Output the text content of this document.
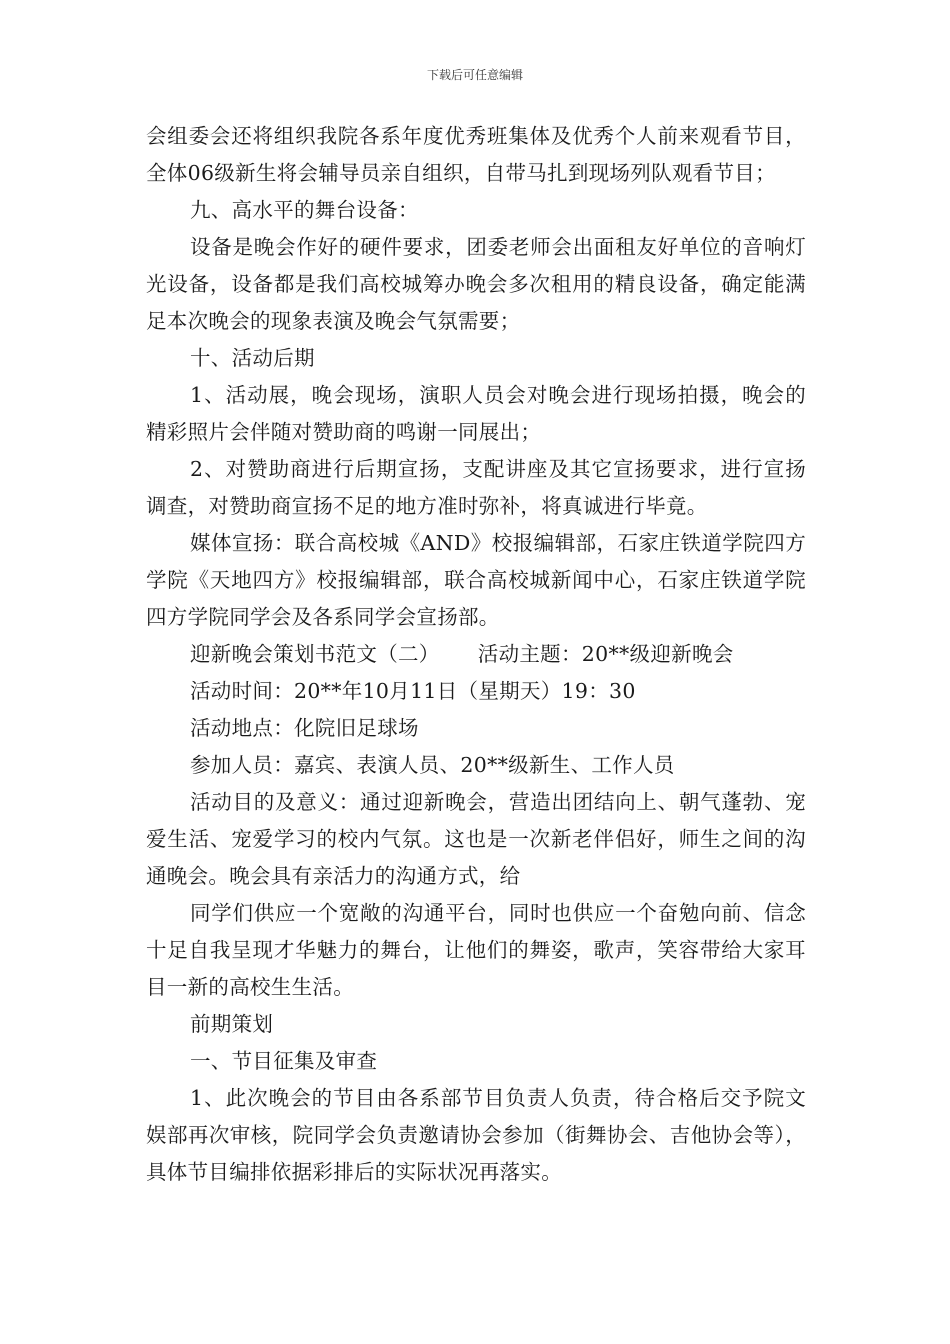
下载后可任意编辑

会组委会还将组织我院各系年度优秀班集体及优秀个人前来观看节目，全体06级新生将会辅导员亲自组织，自带马扎到现场列队观看节目；

九、高水平的舞台设备：

设备是晚会作好的硬件要求，团委老师会出面租友好单位的音响灯光设备，设备都是我们高校城筹办晚会多次租用的精良设备，确定能满足本次晚会的现象表演及晚会气氛需要；

十、活动后期

1、活动展，晚会现场，演职人员会对晚会进行现场拍摄，晚会的精彩照片会伴随对赞助商的鸣谢一同展出；

2、对赞助商进行后期宣扬，支配讲座及其它宣扬要求，进行宣扬调查，对赞助商宣扬不足的地方准时弥补，将真诚进行毕竟。

媒体宣扬：联合高校城《AND》校报编辑部，石家庄铁道学院四方学院《天地四方》校报编辑部，联合高校城新闻中心，石家庄铁道学院四方学院同学会及各系同学会宣扬部。

迎新晚会策划书范文（二）　　 活动主题：20**级迎新晚会

活动时间：20**年10月11日（星期天）19：30

活动地点：化院旧足球场

参加人员：嘉宾、表演人员、20**级新生、工作人员

活动目的及意义：通过迎新晚会，营造出团结向上、朝气蓬勃、宠爱生活、宠爱学习的校内气氛。这也是一次新老伴侣好，师生之间的沟通晚会。晚会具有亲活力的沟通方式，给

同学们供应一个宽敞的沟通平台，同时也供应一个奋勉向前、信念十足自我呈现才华魅力的舞台，让他们的舞姿，歌声，笑容带给大家耳目一新的高校生生活。

前期策划

一、节目征集及审查

1、此次晚会的节目由各系部节目负责人负责，待合格后交予院文娱部再次审核，院同学会负责邀请协会参加（街舞协会、吉他协会等），具体节目编排依据彩排后的实际状况再落实。
